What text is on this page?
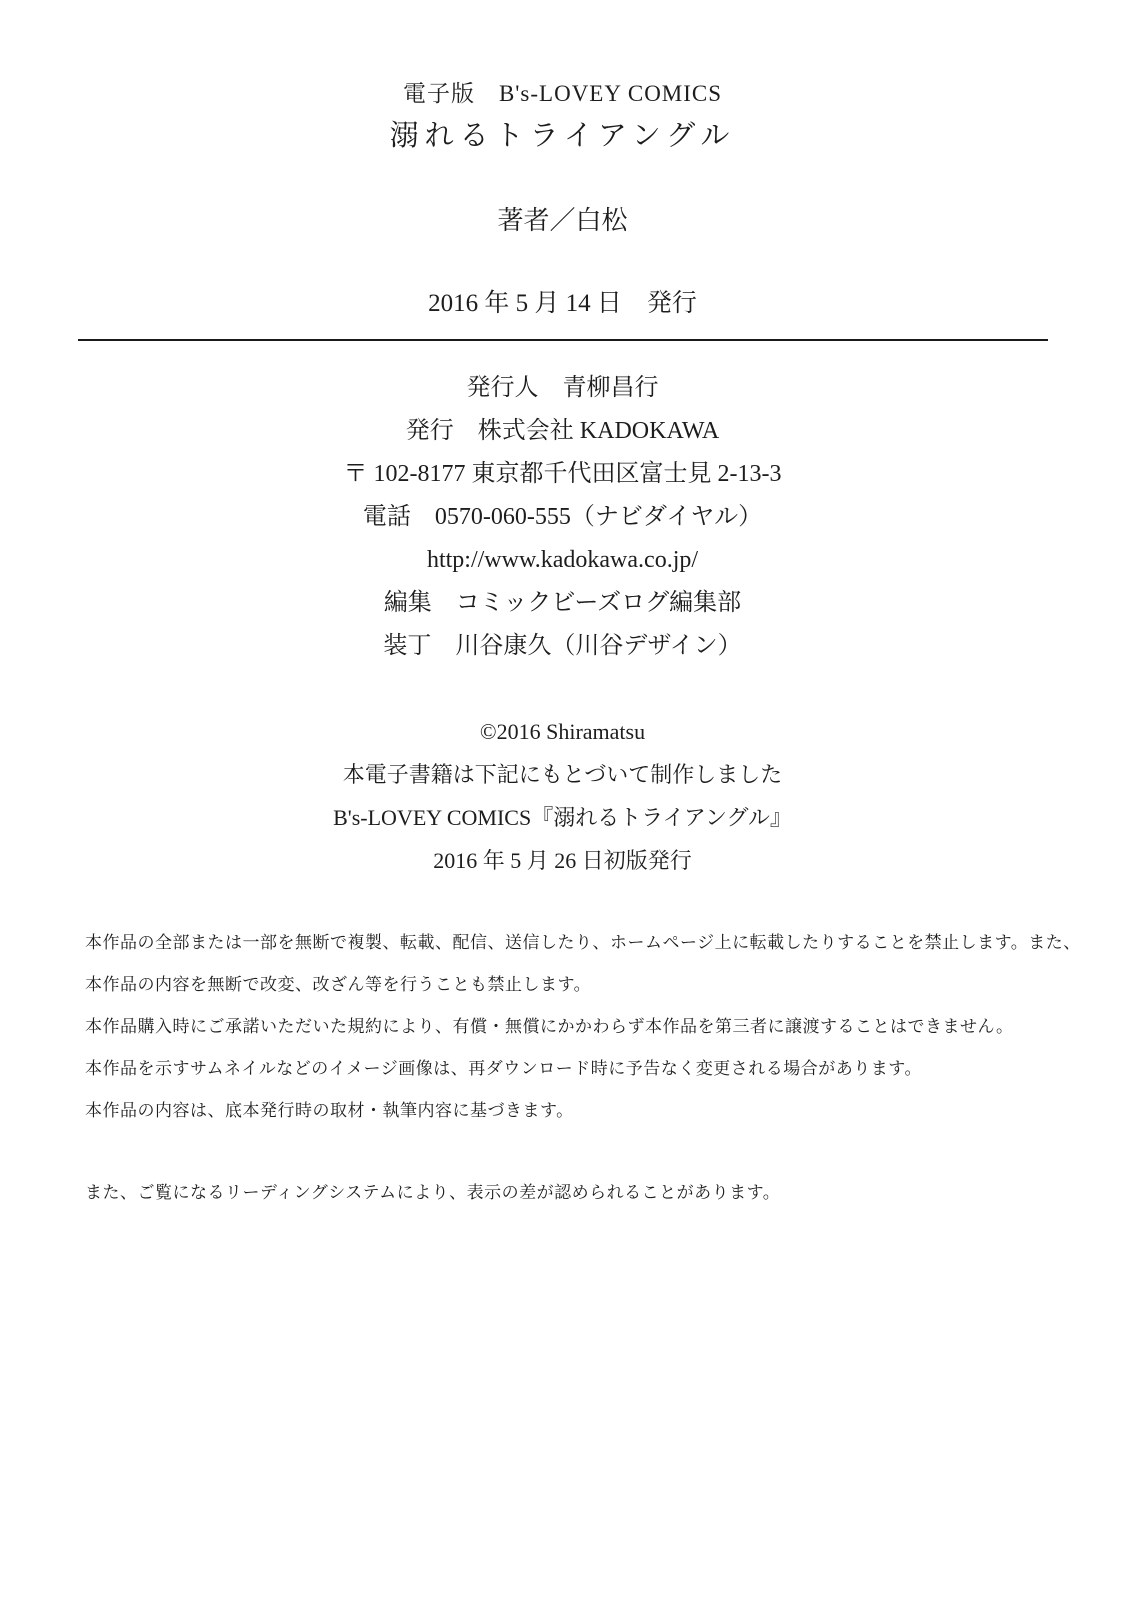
電子版　B's-LOVEY COMICS
溺れるトライアングル
著者／白松
2016 年 5 月 14 日　発行
発行人　青柳昌行
発行　株式会社 KADOKAWA
〒 102-8177 東京都千代田区富士見 2-13-3
電話　0570-060-555（ナビダイヤル）
http://www.kadokawa.co.jp/
編集　コミックビーズログ編集部
装丁　川谷康久（川谷デザイン）
©2016 Shiramatsu
本電子書籍は下記にもとづいて制作しました
B's-LOVEY COMICS『溺れるトライアングル』
2016 年 5 月 26 日初版発行
本作品の全部または一部を無断で複製、転載、配信、送信したり、ホームページ上に転載したりすることを禁止します。また、
本作品の内容を無断で改変、改ざん等を行うことも禁止します。
本作品購入時にご承諾いただいた規約により、有償・無償にかかわらず本作品を第三者に譲渡することはできません。
本作品を示すサムネイルなどのイメージ画像は、再ダウンロード時に予告なく変更される場合があります。
本作品の内容は、底本発行時の取材・執筆内容に基づきます。

また、ご覧になるリーディングシステムにより、表示の差が認められることがあります。
